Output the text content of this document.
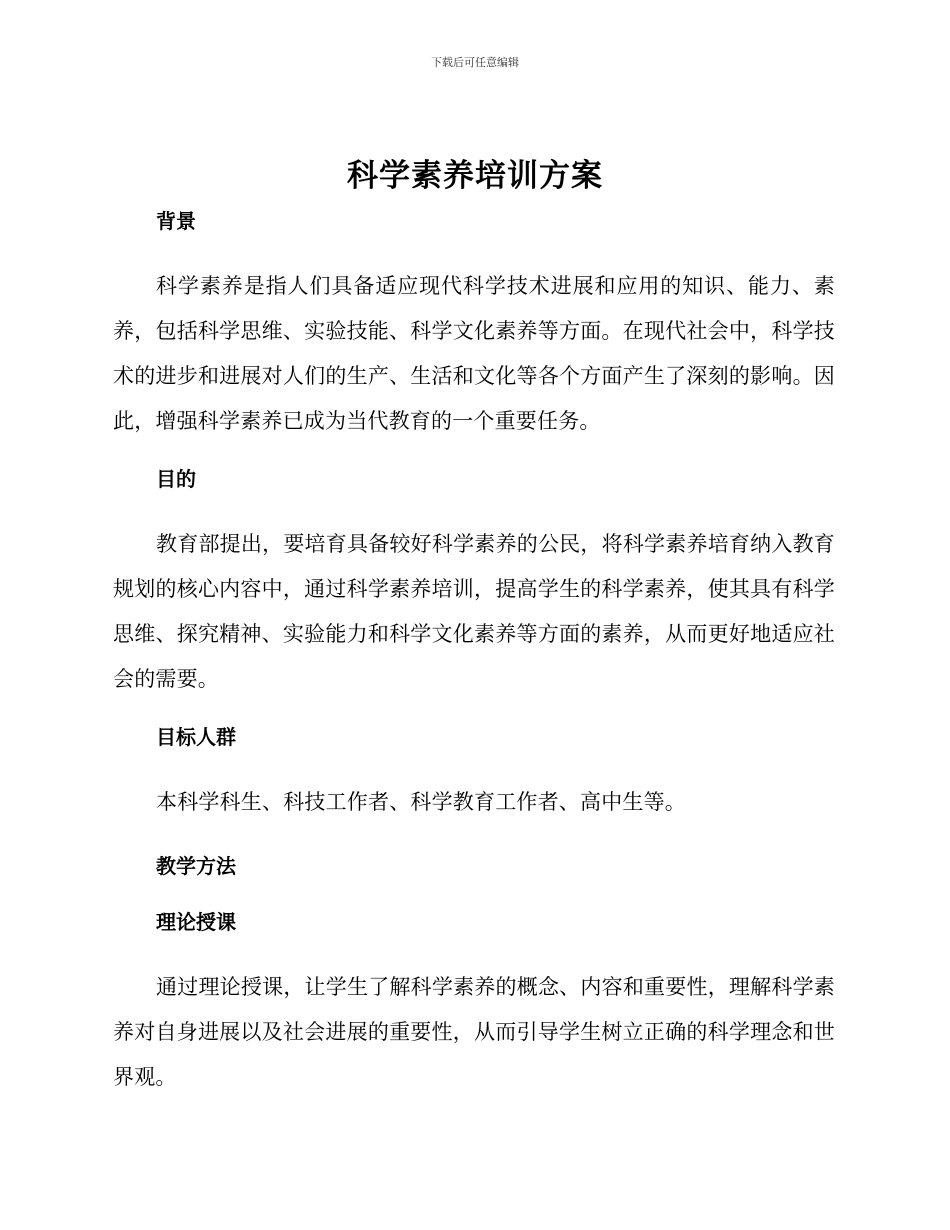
下载后可任意编辑
科学素养培训方案
背景
科学素养是指人们具备适应现代科学技术进展和应用的知识、能力、素养，包括科学思维、实验技能、科学文化素养等方面。在现代社会中，科学技术的进步和进展对人们的生产、生活和文化等各个方面产生了深刻的影响。因此，增强科学素养已成为当代教育的一个重要任务。
目的
教育部提出，要培育具备较好科学素养的公民，将科学素养培育纳入教育规划的核心内容中，通过科学素养培训，提高学生的科学素养，使其具有科学思维、探究精神、实验能力和科学文化素养等方面的素养，从而更好地适应社会的需要。
目标人群
本科学科生、科技工作者、科学教育工作者、高中生等。
教学方法
理论授课
通过理论授课，让学生了解科学素养的概念、内容和重要性，理解科学素养对自身进展以及社会进展的重要性，从而引导学生树立正确的科学理念和世界观。
